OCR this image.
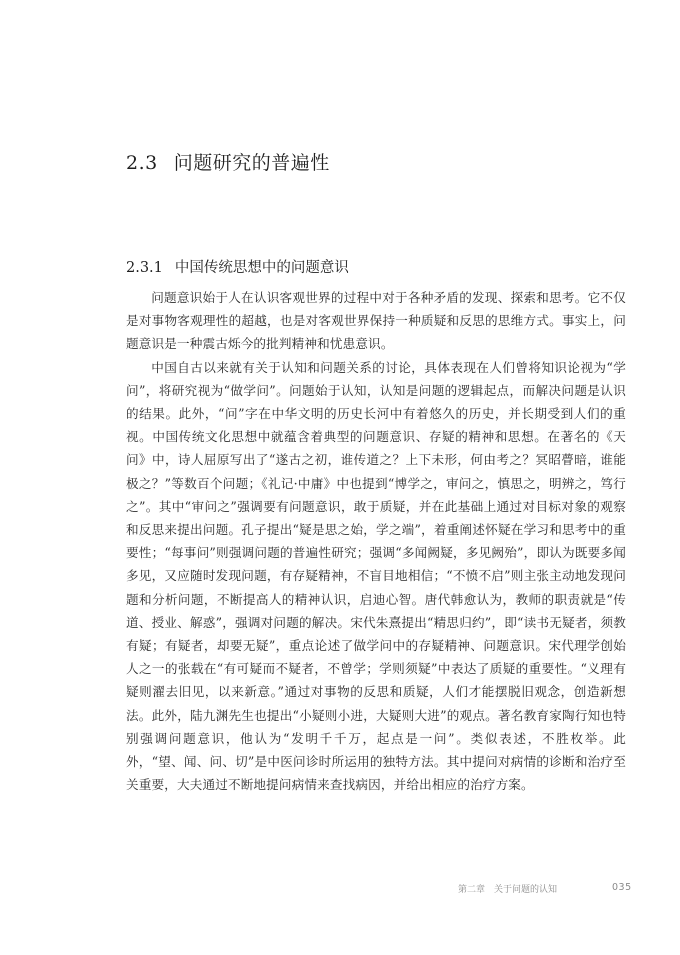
2.3 问题研究的普遍性
2.3.1 中国传统思想中的问题意识

问题意识始于人在认识客观世界的过程中对于各种矛盾的发现、探索和思考。它不仅是对事物客观理性的超越，也是对客观世界保持一种质疑和反思的思维方式。事实上，问题意识是一种震古烁今的批判精神和忧患意识。

中国自古以来就有关于认知和问题关系的讨论，具体表现在人们曾将知识论视为“学问”，将研究视为“做学问”。问题始于认知，认知是问题的逻辑起点，而解决问题是认识的结果。此外，“问”字在中华文明的历史长河中有着悠久的历史，并长期受到人们的重视。中国传统文化思想中就蕴含着典型的问题意识、存疑的精神和思想。在著名的《天问》中，诗人屈原写出了“遂古之初，谁传道之？上下未形，何由考之？冥昭瞢暗，谁能极之？”等数百个问题；《礼记·中庸》中也提到“博学之，审问之，慎思之，明辨之，笃行之”。其中“审问之”强调要有问题意识，敢于质疑，并在此基础上通过对目标对象的观察和反思来提出问题。孔子提出“疑是思之始，学之端”，着重阐述怀疑在学习和思考中的重要性；“每事问”则强调问题的普遍性研究；强调“多闻阙疑，多见阙殆”，即认为既要多闻多见，又应随时发现问题，有存疑精神，不盲目地相信；“不愤不启”则主张主动地发现问题和分析问题，不断提高人的精神认识，启迪心智。唐代韩愈认为，教师的职责就是“传道、授业、解惑”，强调对问题的解决。宋代朱熹提出“精思归约”，即“读书无疑者，须教有疑；有疑者，却要无疑”，重点论述了做学问中的存疑精神、问题意识。宋代理学创始人之一的张载在“有可疑而不疑者，不曾学；学则须疑”中表达了质疑的重要性。“义理有疑则濯去旧见，以来新意。”通过对事物的反思和质疑，人们才能摆脱旧观念，创造新想法。此外，陆九渊先生也提出“小疑则小进，大疑则大进”的观点。著名教育家陶行知也特别强调问题意识，他认为“发明千千万，起点是一问”。类似表述，不胜枚举。此外，“望、闻、问、切”是中医问诊时所运用的独特方法。其中提问对病情的诊断和治疗至关重要，大夫通过不断地提问病情来查找病因，并给出相应的治疗方案。

第二章　关于问题的认知	035
